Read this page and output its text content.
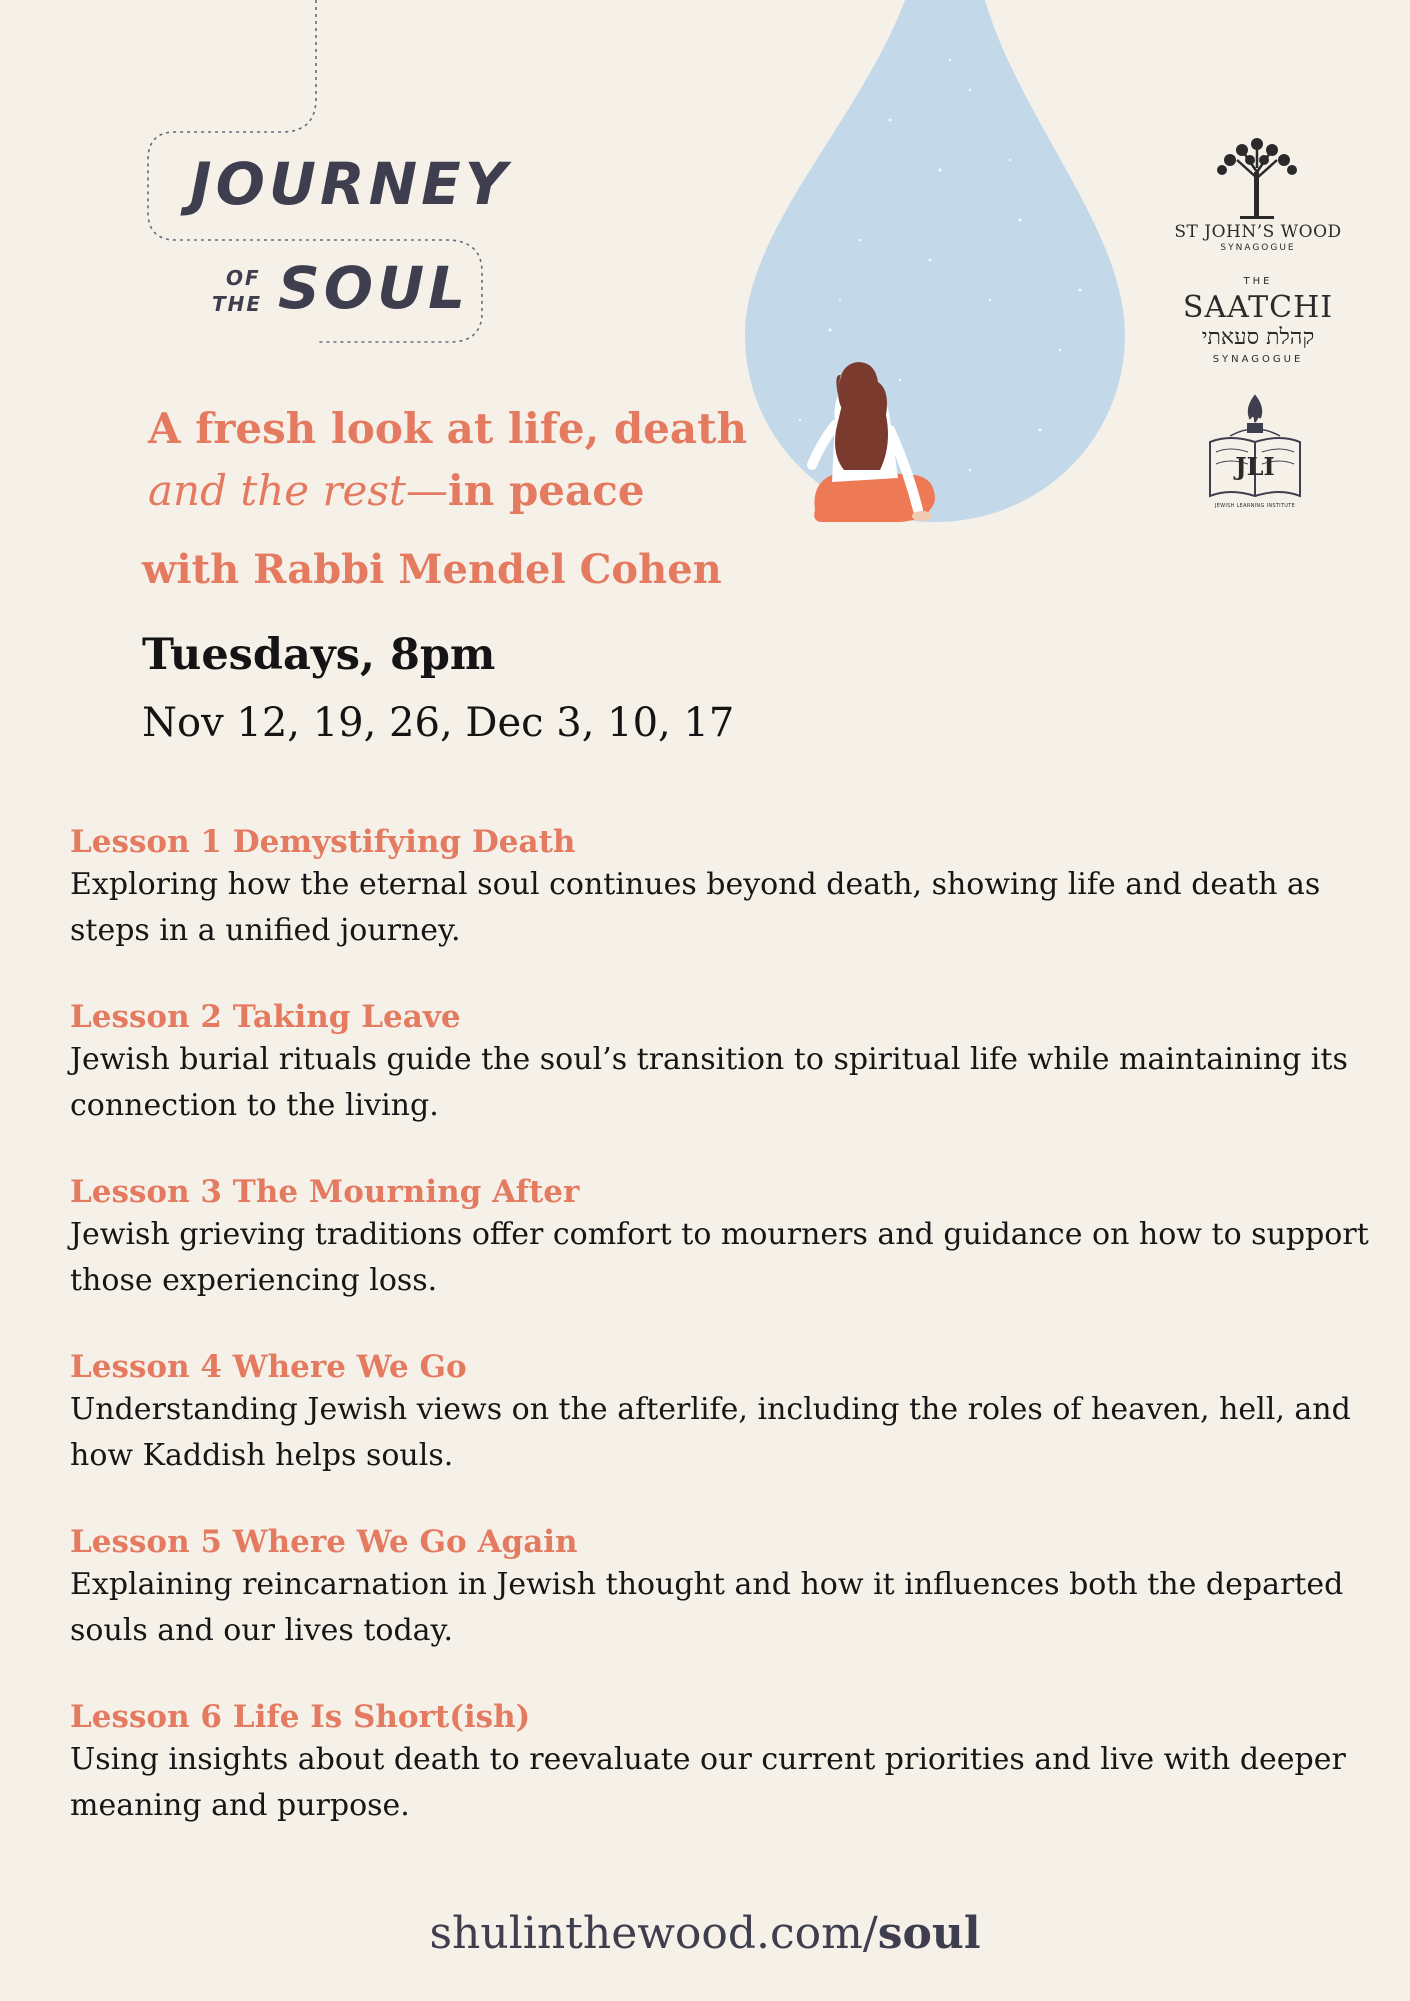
JOURNEY
OF
THE SOUL
A fresh look at life, death
and the rest—in peace
with Rabbi Mendel Cohen
Tuesdays, 8pm
Nov 12, 19, 26, Dec 3, 10, 17
ST JOHN’S WOOD
SYNAGOGUE
THE
SAATCHI
קהלת סעאתי
SYNAGOGUE
JLI
JEWISH LEARNING INSTITUTE
Lesson 1 Demystifying Death
Exploring how the eternal soul continues beyond death, showing life and death as steps in a unified journey.
Lesson 2 Taking Leave
Jewish burial rituals guide the soul’s transition to spiritual life while maintaining its connection to the living.
Lesson 3 The Mourning After
Jewish grieving traditions offer comfort to mourners and guidance on how to support those experiencing loss.
Lesson 4 Where We Go
Understanding Jewish views on the afterlife, including the roles of heaven, hell, and how Kaddish helps souls.
Lesson 5 Where We Go Again
Explaining reincarnation in Jewish thought and how it influences both the departed souls and our lives today.
Lesson 6 Life Is Short(ish)
Using insights about death to reevaluate our current priorities and live with deeper meaning and purpose.
shulinthewood.com/soul
